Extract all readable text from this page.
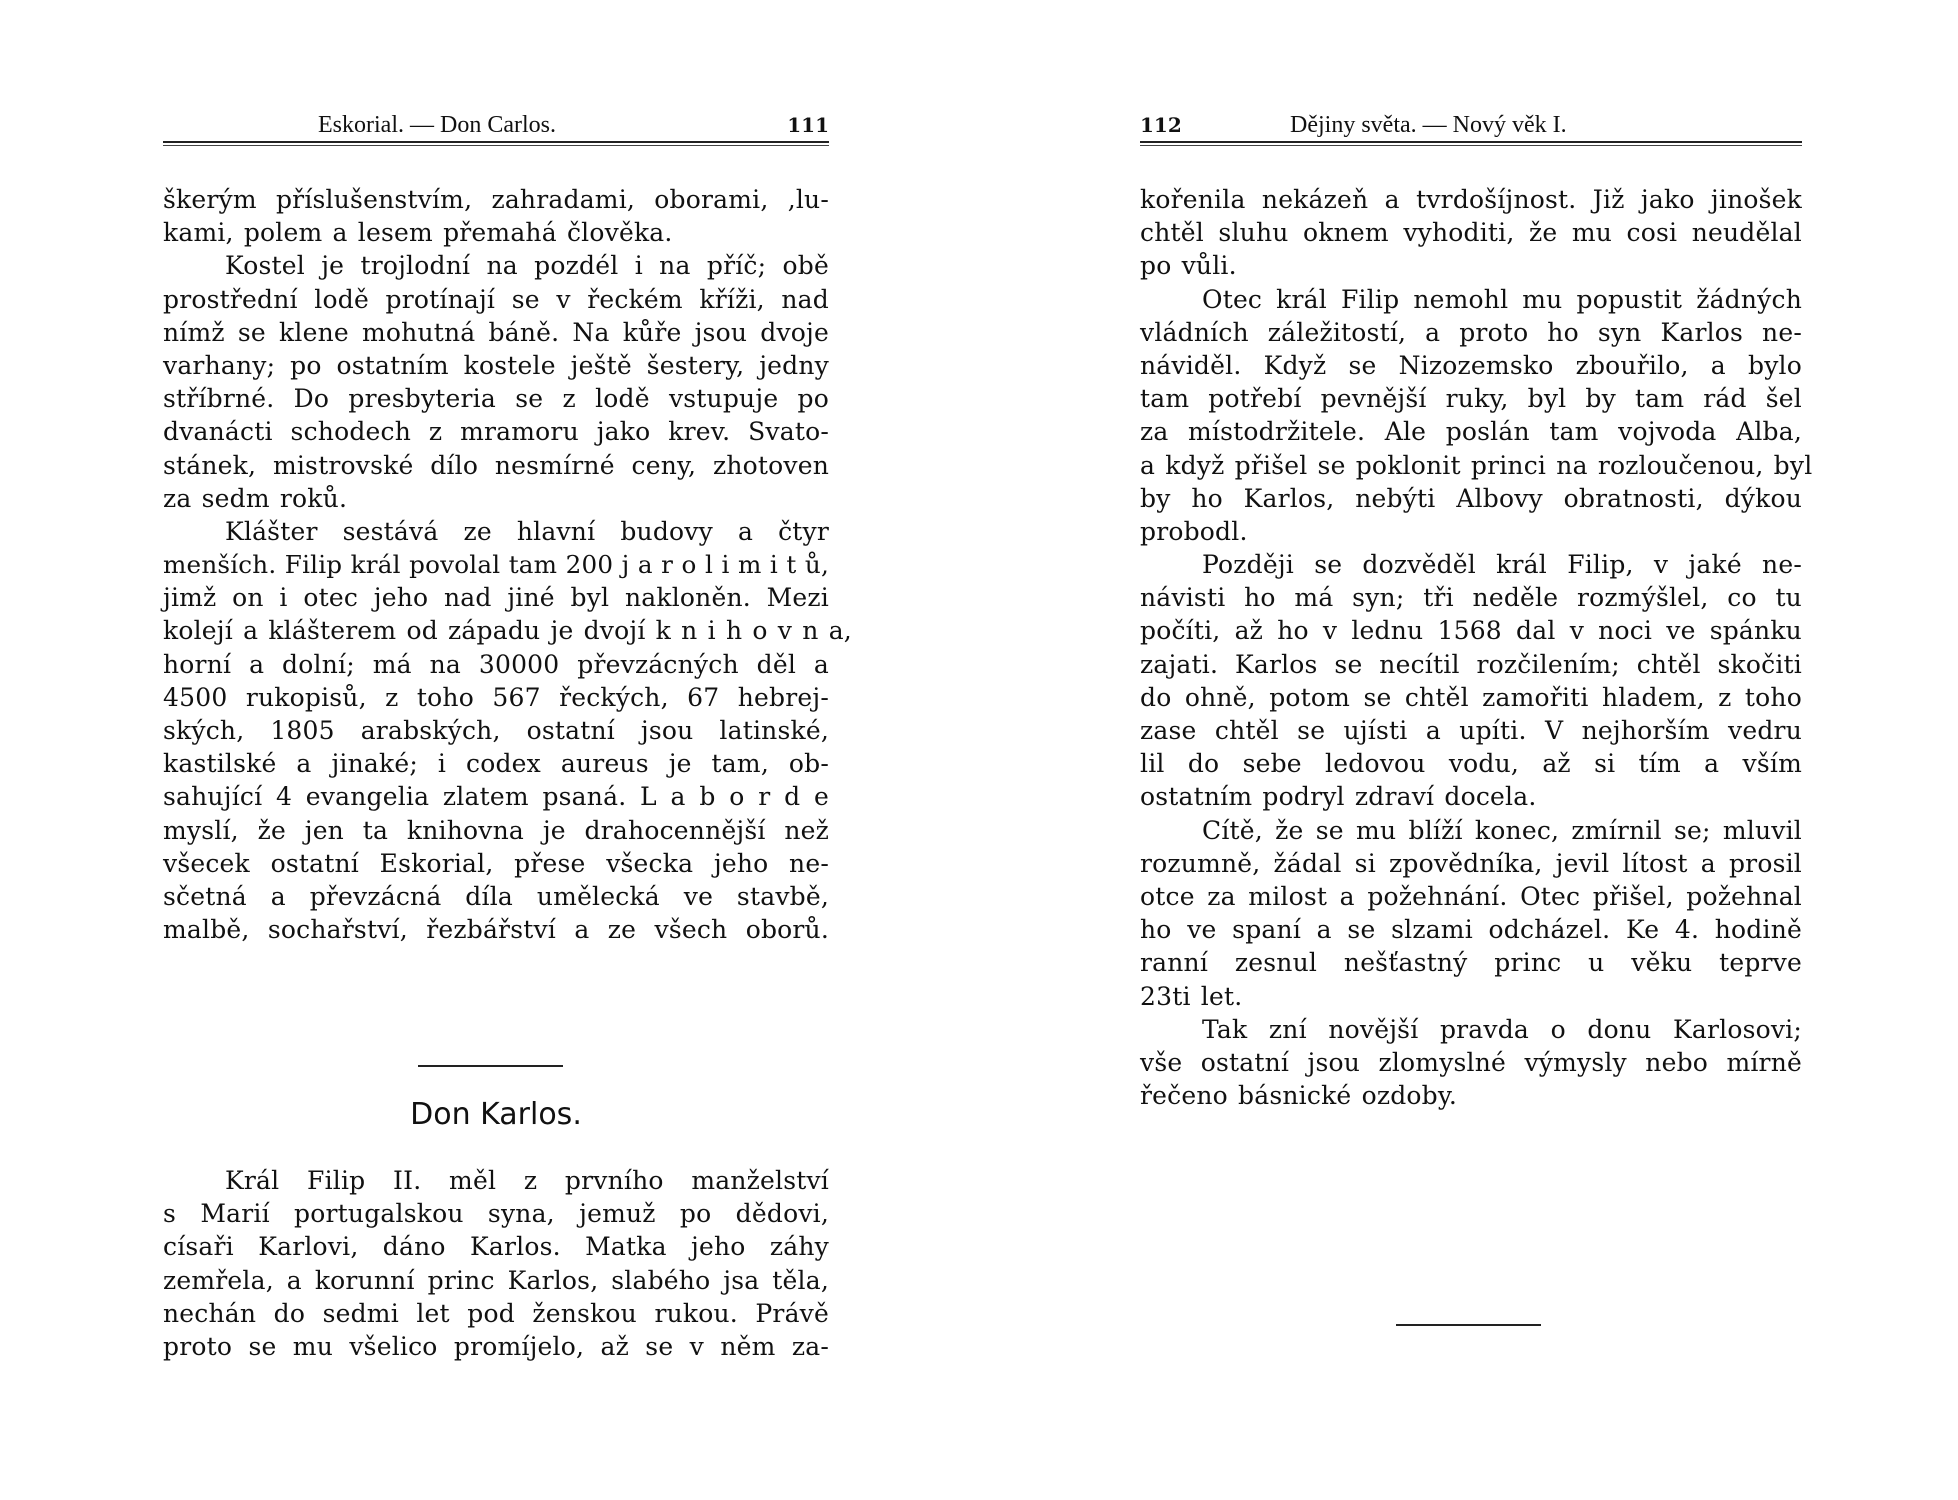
Eskorial. — Don Carlos.	111
škerým příslušenstvím, zahradami, oborami, ,lu-
kami, polem a lesem přemahá člověka.
Kostel je trojlodní na pozdél i na příč; obě
prostřední lodě protínají se v řeckém kříži, nad
nímž se klene mohutná báně. Na kůře jsou dvoje
varhany; po ostatním kostele ještě šestery, jedny
stříbrné. Do presbyteria se z lodě vstupuje po
dvanácti schodech z mramoru jako krev. Svato-
stánek, mistrovské dílo nesmírné ceny, zhotoven
za sedm roků.
Klášter sestává ze hlavní budovy a čtyr
menších. Filip král povolal tam 200 j a r o l i m i t ů,
jimž on i otec jeho nad jiné byl nakloněn. Mezi
kolejí a klášterem od západu je dvojí k n i h o v n a,
horní a dolní; má na 30000 převzácných děl a
4500 rukopisů, z toho 567 řeckých, 67 hebrej-
ských, 1805 arabských, ostatní jsou latinské,
kastilské a jinaké; i codex aureus je tam, ob-
sahující 4 evangelia zlatem psaná. L a b o r d e
myslí, že jen ta knihovna je drahocennější než
všecek ostatní Eskorial, přese všecka jeho ne-
sčetná a převzácná díla umělecká ve stavbě,
malbě, sochařství, řezbářství a ze všech oborů.
Don Karlos.
Král Filip II. měl z prvního manželství
s Marií portugalskou syna, jemuž po dědovi,
císaři Karlovi, dáno Karlos. Matka jeho záhy
zemřela, a korunní princ Karlos, slabého jsa těla,
nechán do sedmi let pod ženskou rukou. Právě
proto se mu všelico promíjelo, až se v něm za-
112	Dějiny světa. — Nový věk I.
kořenila nekázeň a tvrdošíjnost. Již jako jinošek
chtěl sluhu oknem vyhoditi, že mu cosi neudělal
po vůli.
Otec král Filip nemohl mu popustit žádných
vládních záležitostí, a proto ho syn Karlos ne-
náviděl. Když se Nizozemsko zbouřilo, a bylo
tam potřebí pevnější ruky, byl by tam rád šel
za místodržitele. Ale poslán tam vojvoda Alba,
a když přišel se poklonit princi na rozloučenou, byl
by ho Karlos, nebýti Albovy obratnosti, dýkou
probodl.
Později se dozvěděl král Filip, v jaké ne-
návisti ho má syn; tři neděle rozmýšlel, co tu
počíti, až ho v lednu 1568 dal v noci ve spánku
zajati. Karlos se necítil rozčilením; chtěl skočiti
do ohně, potom se chtěl zamořiti hladem, z toho
zase chtěl se ujísti a upíti. V nejhorším vedru
lil do sebe ledovou vodu, až si tím a vším
ostatním podryl zdraví docela.
Cítě, že se mu blíží konec, zmírnil se; mluvil
rozumně, žádal si zpovědníka, jevil lítost a prosil
otce za milost a požehnání. Otec přišel, požehnal
ho ve spaní a se slzami odcházel. Ke 4. hodině
ranní zesnul nešťastný princ u věku teprve
23ti let.
Tak zní novější pravda o donu Karlosovi;
vše ostatní jsou zlomyslné výmysly nebo mírně
řečeno básnické ozdoby.
